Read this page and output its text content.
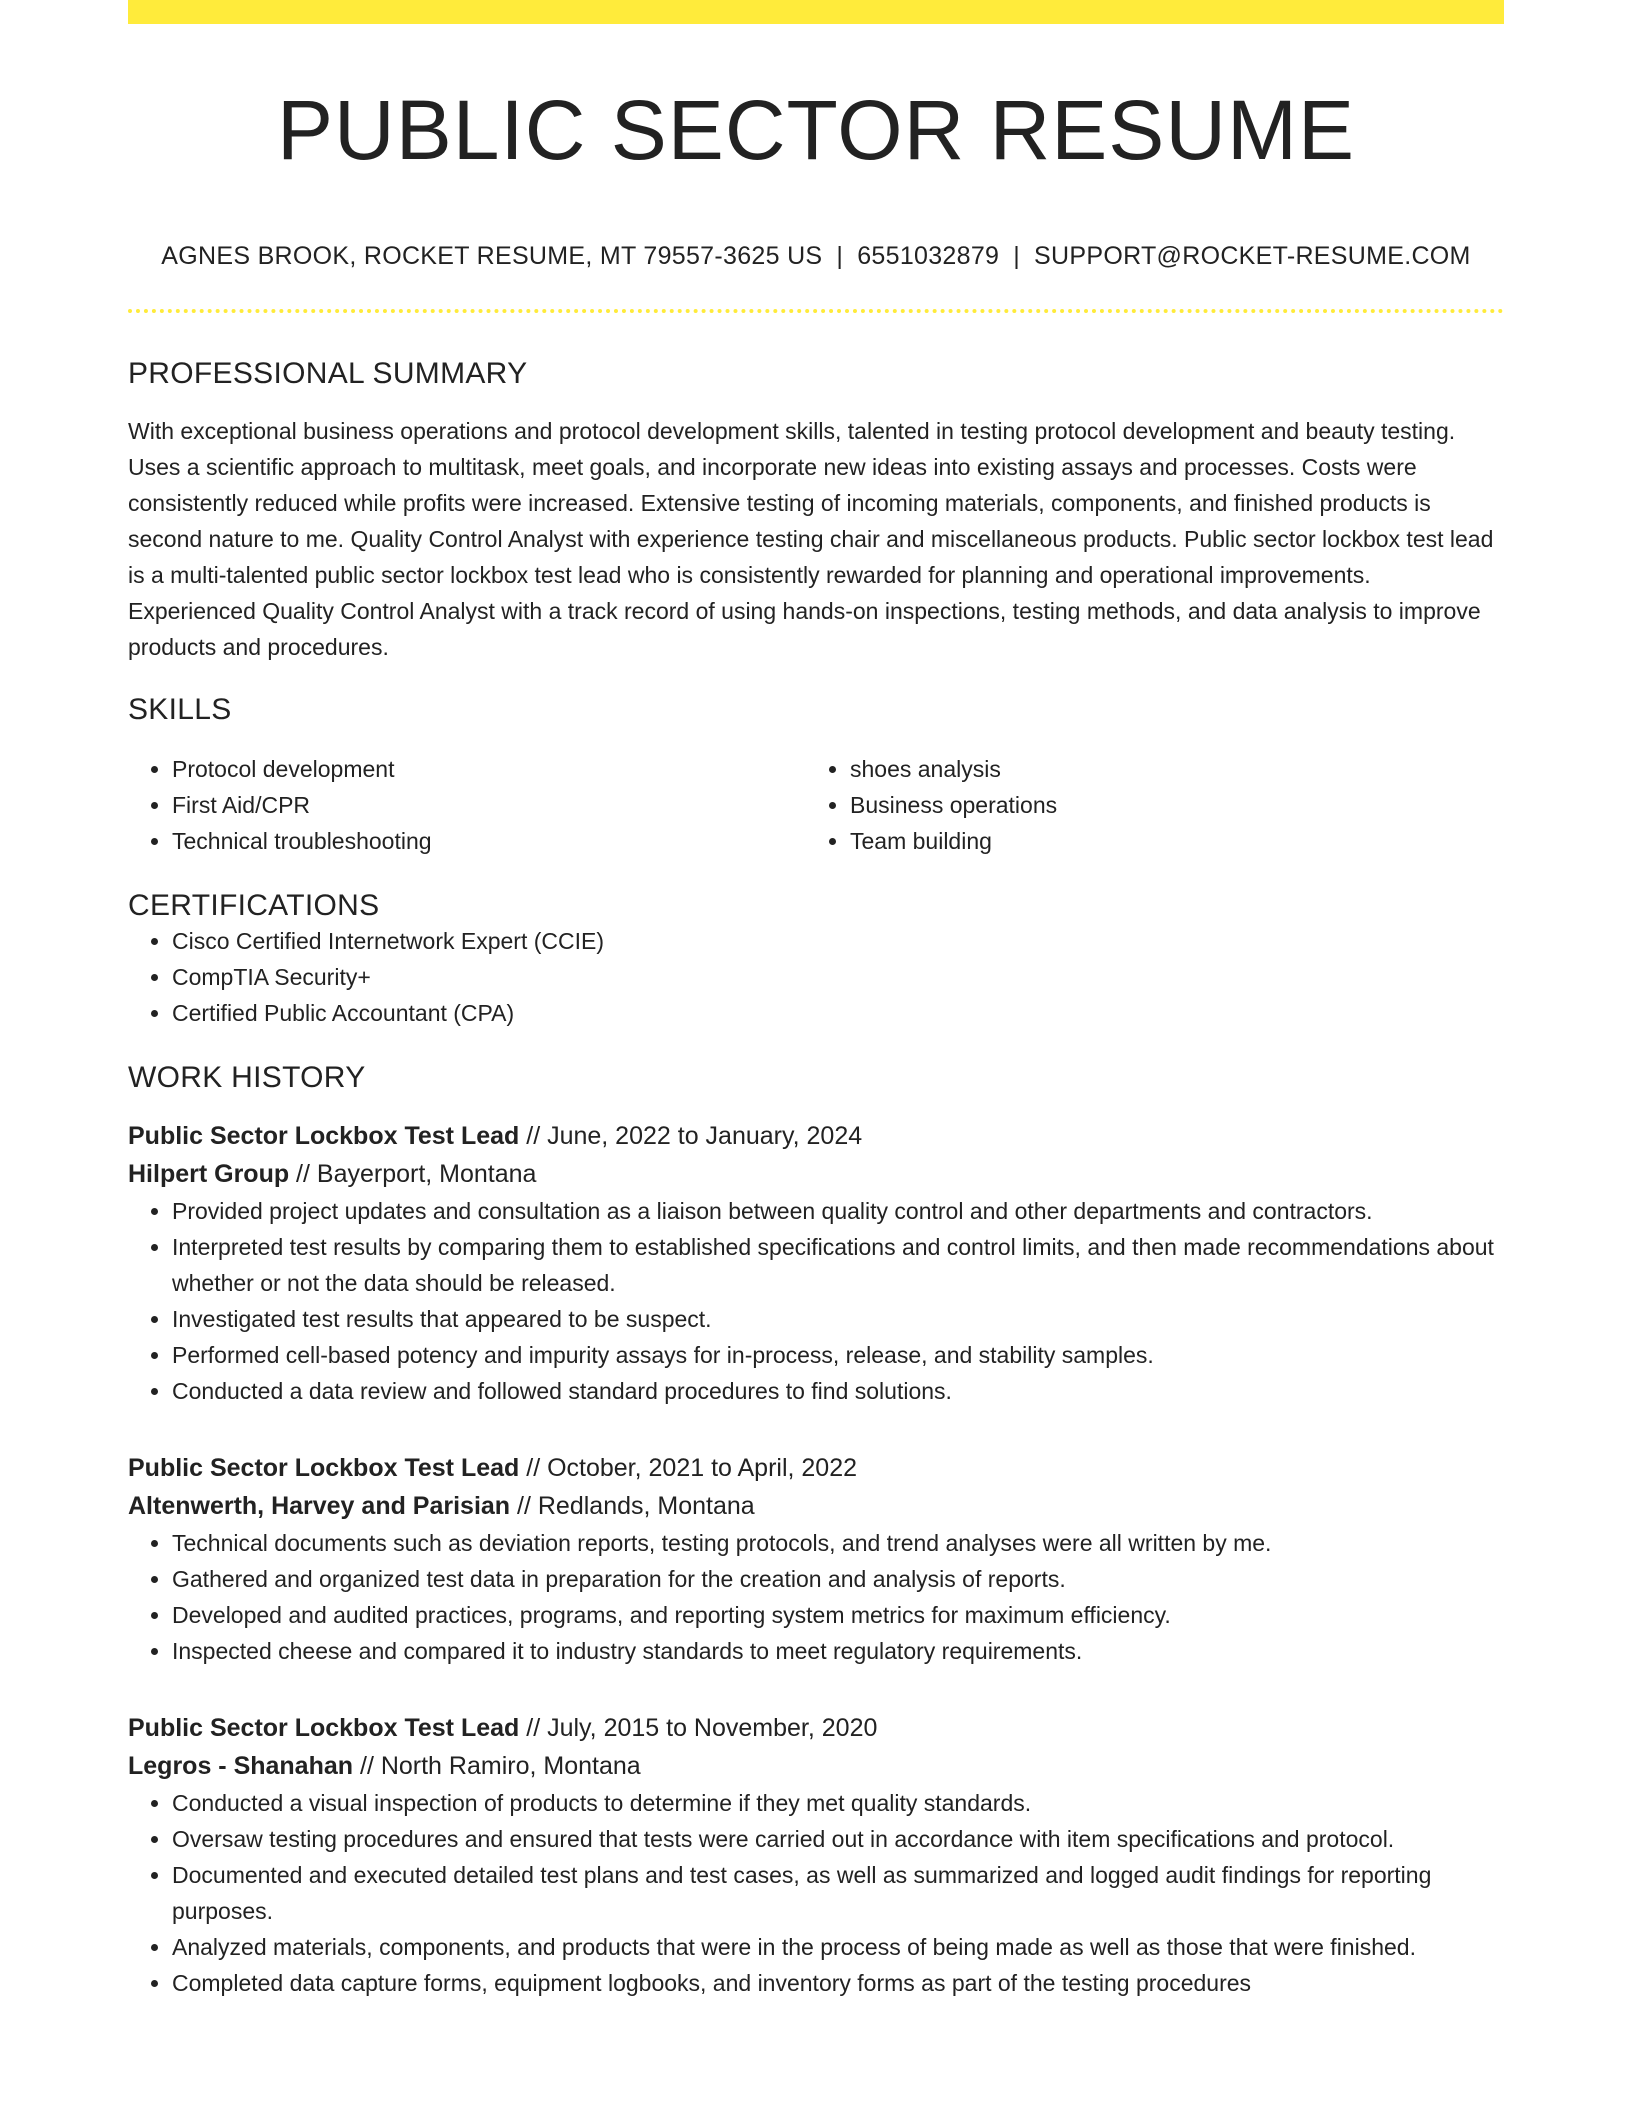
PUBLIC SECTOR RESUME
AGNES BROOK, ROCKET RESUME, MT 79557-3625 US | 6551032879 | SUPPORT@ROCKET-RESUME.COM
PROFESSIONAL SUMMARY
With exceptional business operations and protocol development skills, talented in testing protocol development and beauty testing. Uses a scientific approach to multitask, meet goals, and incorporate new ideas into existing assays and processes. Costs were consistently reduced while profits were increased. Extensive testing of incoming materials, components, and finished products is second nature to me. Quality Control Analyst with experience testing chair and miscellaneous products. Public sector lockbox test lead is a multi-talented public sector lockbox test lead who is consistently rewarded for planning and operational improvements. Experienced Quality Control Analyst with a track record of using hands-on inspections, testing methods, and data analysis to improve products and procedures.
SKILLS
• Protocol development
• First Aid/CPR
• Technical troubleshooting
• shoes analysis
• Business operations
• Team building
CERTIFICATIONS
• Cisco Certified Internetwork Expert (CCIE)
• CompTIA Security+
• Certified Public Accountant (CPA)
WORK HISTORY
Public Sector Lockbox Test Lead // June, 2022 to January, 2024
Hilpert Group // Bayerport, Montana
• Provided project updates and consultation as a liaison between quality control and other departments and contractors.
• Interpreted test results by comparing them to established specifications and control limits, and then made recommendations about whether or not the data should be released.
• Investigated test results that appeared to be suspect.
• Performed cell-based potency and impurity assays for in-process, release, and stability samples.
• Conducted a data review and followed standard procedures to find solutions.
Public Sector Lockbox Test Lead // October, 2021 to April, 2022
Altenwerth, Harvey and Parisian // Redlands, Montana
• Technical documents such as deviation reports, testing protocols, and trend analyses were all written by me.
• Gathered and organized test data in preparation for the creation and analysis of reports.
• Developed and audited practices, programs, and reporting system metrics for maximum efficiency.
• Inspected cheese and compared it to industry standards to meet regulatory requirements.
Public Sector Lockbox Test Lead // July, 2015 to November, 2020
Legros - Shanahan // North Ramiro, Montana
• Conducted a visual inspection of products to determine if they met quality standards.
• Oversaw testing procedures and ensured that tests were carried out in accordance with item specifications and protocol.
• Documented and executed detailed test plans and test cases, as well as summarized and logged audit findings for reporting purposes.
• Analyzed materials, components, and products that were in the process of being made as well as those that were finished.
• Completed data capture forms, equipment logbooks, and inventory forms as part of the testing procedures
